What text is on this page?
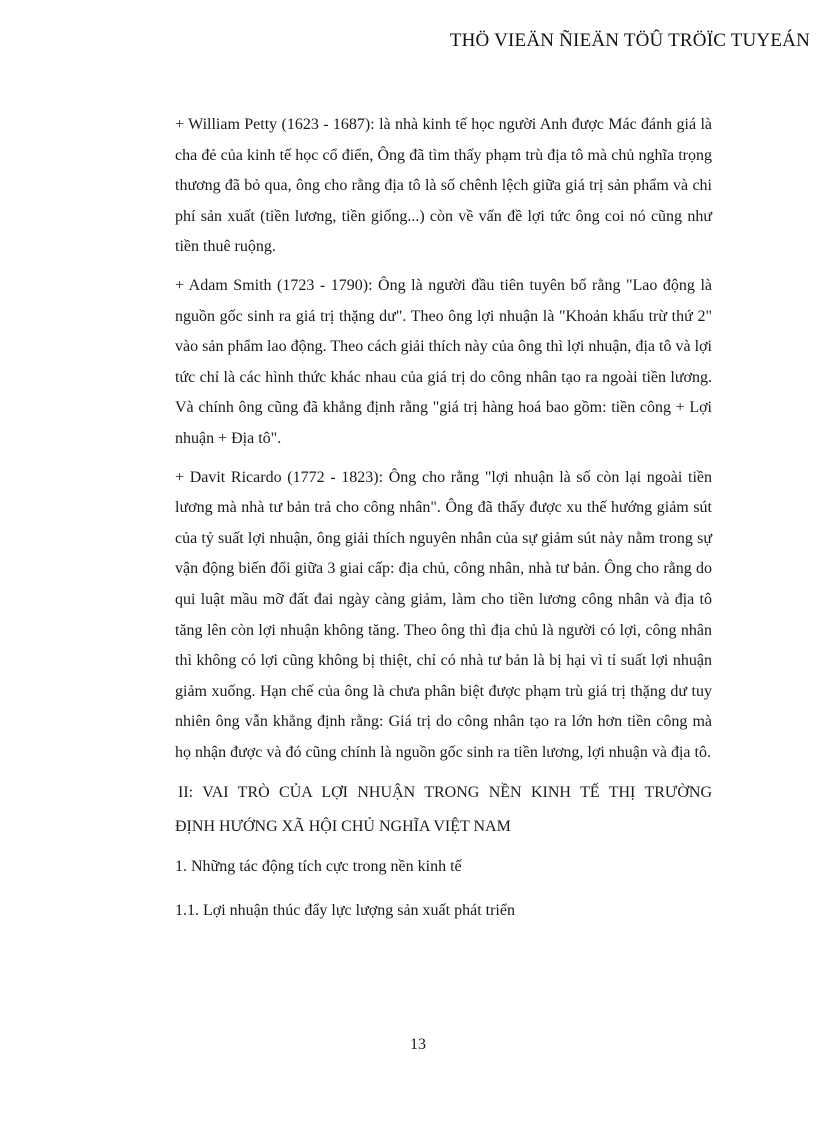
THÖ VIEÄN ÑIEÄN TÖÛ TRÖÏC TUYEÁN

+ William Petty (1623 - 1687): là nhà kinh tế học người Anh được Mác đánh giá là cha đẻ của kinh tế học cổ điển, Ông đã tìm thấy phạm trù địa tô mà chủ nghĩa trọng thương đã bỏ qua, ông cho rằng địa tô là số chênh lệch giữa giá trị sản phẩm và chi phí sản xuất (tiền lương, tiền giống...) còn về vấn đề lợi tức ông coi nó cũng như tiền thuê ruộng.

+ Adam Smith (1723 - 1790): Ông là người đầu tiên tuyên bố rằng "Lao động là nguồn gốc sinh ra giá trị thặng dư". Theo ông lợi nhuận là "Khoản khấu trừ thứ 2" vào sản phẩm lao động. Theo cách giải thích này của ông thì lợi nhuận, địa tô và lợi tức chỉ là các hình thức khác nhau của giá trị do công nhân tạo ra ngoài tiền lương. Và chính ông cũng đã khẳng định rằng "giá trị hàng hoá bao gồm: tiền công + Lợi nhuận + Địa tô".

+ Davit Ricardo (1772 - 1823): Ông cho rằng "lợi nhuận là số còn lại ngoài tiền lương mà nhà tư bản trả cho công nhân". Ông đã thấy được xu thế hướng giảm sút của tỷ suất lợi nhuận, ông giải thích nguyên nhân của sự giảm sút này nằm trong sự vận động biến đổi giữa 3 giai cấp: địa chủ, công nhân, nhà tư bản. Ông cho rằng do qui luật mầu mỡ đất đai ngày càng giảm, làm cho tiền lương công nhân và địa tô tăng lên còn lợi nhuận không tăng. Theo ông thì địa chủ là người có lợi, công nhân thì không có lợi cũng không bị thiệt, chỉ có nhà tư bản là bị hại vì tỉ suất lợi nhuận giảm xuống. Hạn chế của ông là chưa phân biệt được phạm trù giá trị thặng dư tuy nhiên ông vẫn khẳng định rằng: Giá trị do công nhân tạo ra lớn hơn tiền công mà họ nhận được và đó cũng chính là nguồn gốc sinh ra tiền lương, lợi nhuận và địa tô.

II: VAI TRÒ CỦA LỢI NHUẬN TRONG NỀN KINH TẾ THỊ TRƯỜNG
ĐỊNH HƯỚNG XÃ HỘI CHỦ NGHĨA VIỆT NAM
1. Những tác động tích cực trong nền kinh tế
1.1. Lợi nhuận thúc đẩy lực lượng sản xuất phát triển
13
